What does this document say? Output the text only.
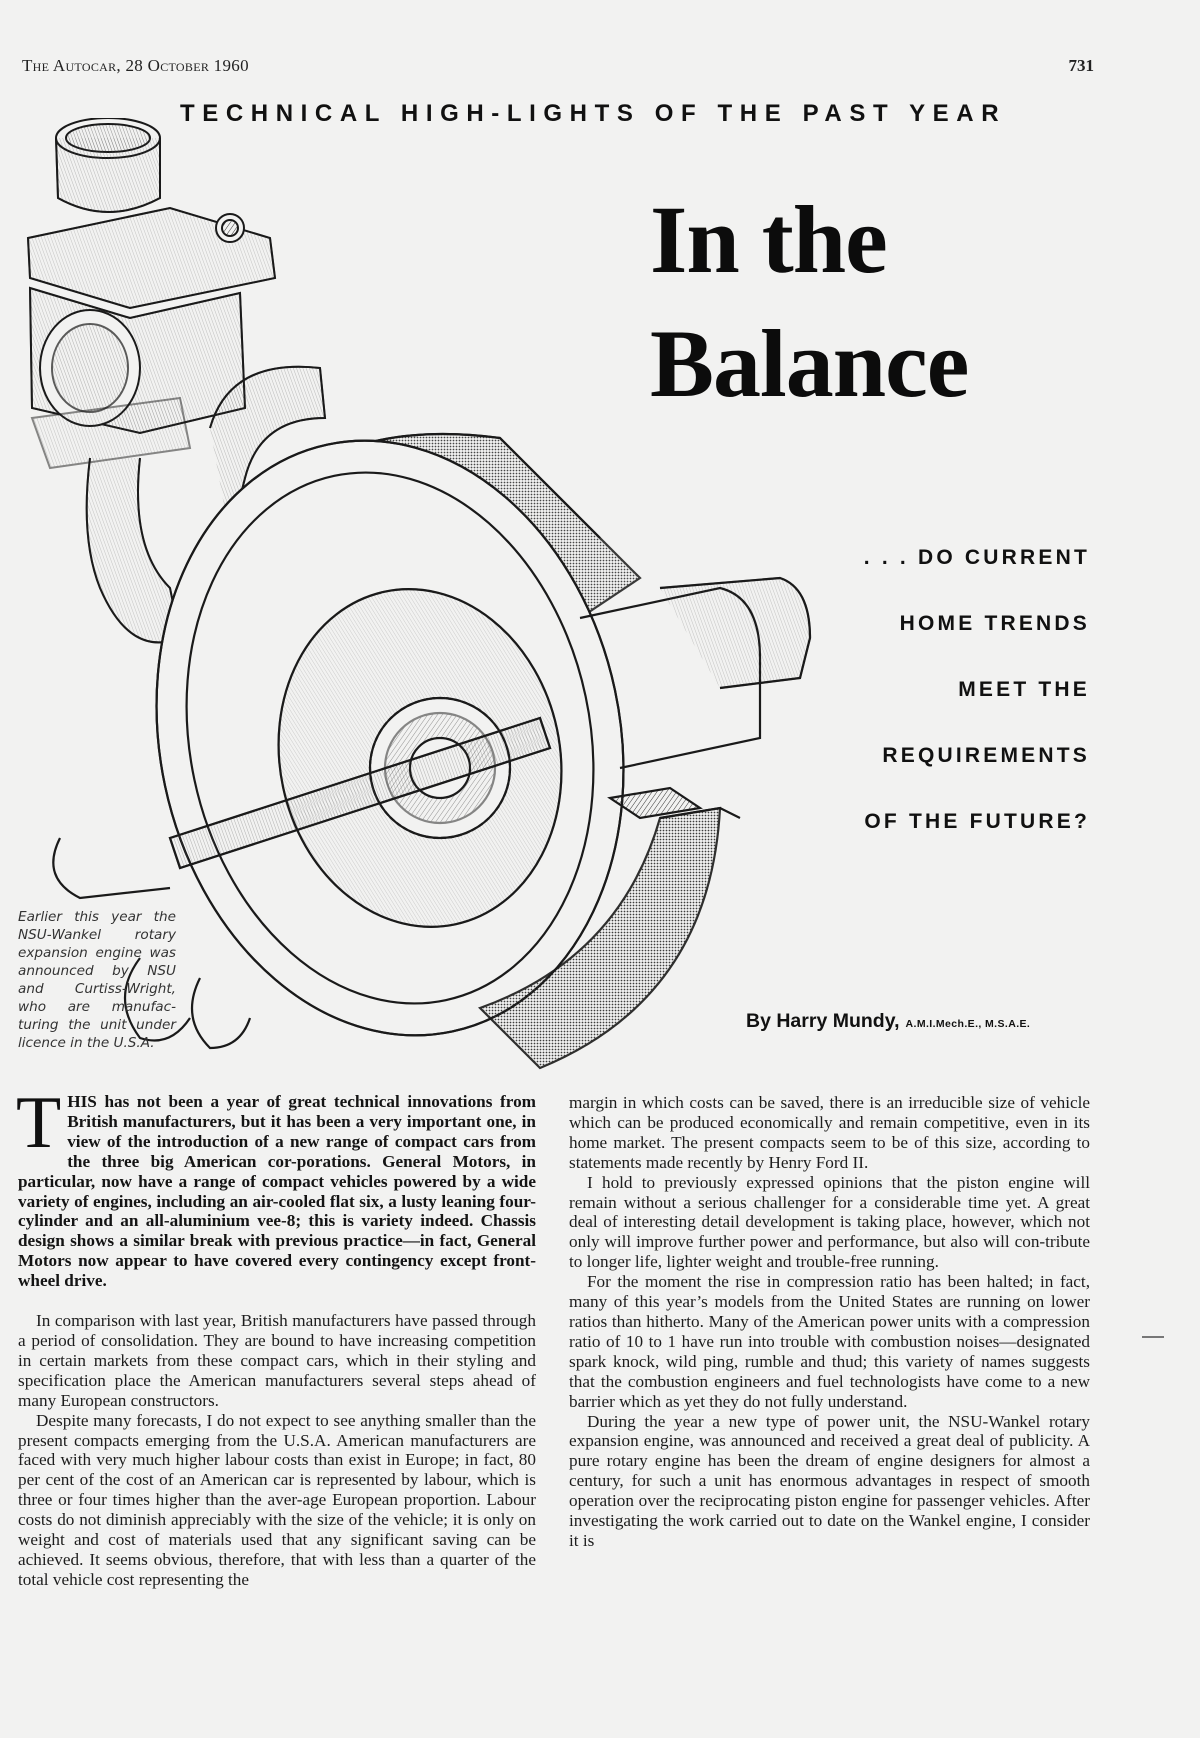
The Autocar, 28 October 1960	731
TECHNICAL HIGH-LIGHTS OF THE PAST YEAR
In the
Balance
. . . DO CURRENT
HOME TRENDS
MEET THE
REQUIREMENTS
OF THE FUTURE?
Earlier this year the NSU-Wankel rotary expansion engine was announced by NSU and Curtiss-Wright, who are manufac-turing the unit under licence in the U.S.A.
By Harry Mundy, A.M.I.Mech.E., M.S.A.E.

THIS has not been a year of great technical innovations from British manufacturers, but it has been a very important one, in view of the introduction of a new range of compact cars from the three big American cor-porations. General Motors, in particular, now have a range of compact vehicles powered by a wide variety of engines, including an air-cooled flat six, a lusty leaning four-cylinder and an all-aluminium vee-8; this is variety indeed. Chassis design shows a similar break with previous practice—in fact, General Motors now appear to have covered every contingency except front-wheel drive.

In comparison with last year, British manufacturers have passed through a period of consolidation. They are bound to have increasing competition in certain markets from these compact cars, which in their styling and specification place the American manufacturers several steps ahead of many European constructors.

Despite many forecasts, I do not expect to see anything smaller than the present compacts emerging from the U.S.A. American manufacturers are faced with very much higher labour costs than exist in Europe; in fact, 80 per cent of the cost of an American car is represented by labour, which is three or four times higher than the aver-age European proportion. Labour costs do not diminish appreciably with the size of the vehicle; it is only on weight and cost of materials used that any significant saving can be achieved. It seems obvious, therefore, that with less than a quarter of the total vehicle cost representing the

margin in which costs can be saved, there is an irreducible size of vehicle which can be produced economically and remain competitive, even in its home market. The present compacts seem to be of this size, according to statements made recently by Henry Ford II.

I hold to previously expressed opinions that the piston engine will remain without a serious challenger for a considerable time yet. A great deal of interesting detail development is taking place, however, which not only will improve further power and performance, but also will con-tribute to longer life, lighter weight and trouble-free running.

For the moment the rise in compression ratio has been halted; in fact, many of this year’s models from the United States are running on lower ratios than hitherto. Many of the American power units with a compression ratio of 10 to 1 have run into trouble with combustion noises—designated spark knock, wild ping, rumble and thud; this variety of names suggests that the combustion engineers and fuel technologists have come to a new barrier which as yet they do not fully understand.

During the year a new type of power unit, the NSU-Wankel rotary expansion engine, was announced and received a great deal of publicity. A pure rotary engine has been the dream of engine designers for almost a century, for such a unit has enormous advantages in respect of smooth operation over the reciprocating piston engine for passenger vehicles. After investigating the work carried out to date on the Wankel engine, I consider it is
